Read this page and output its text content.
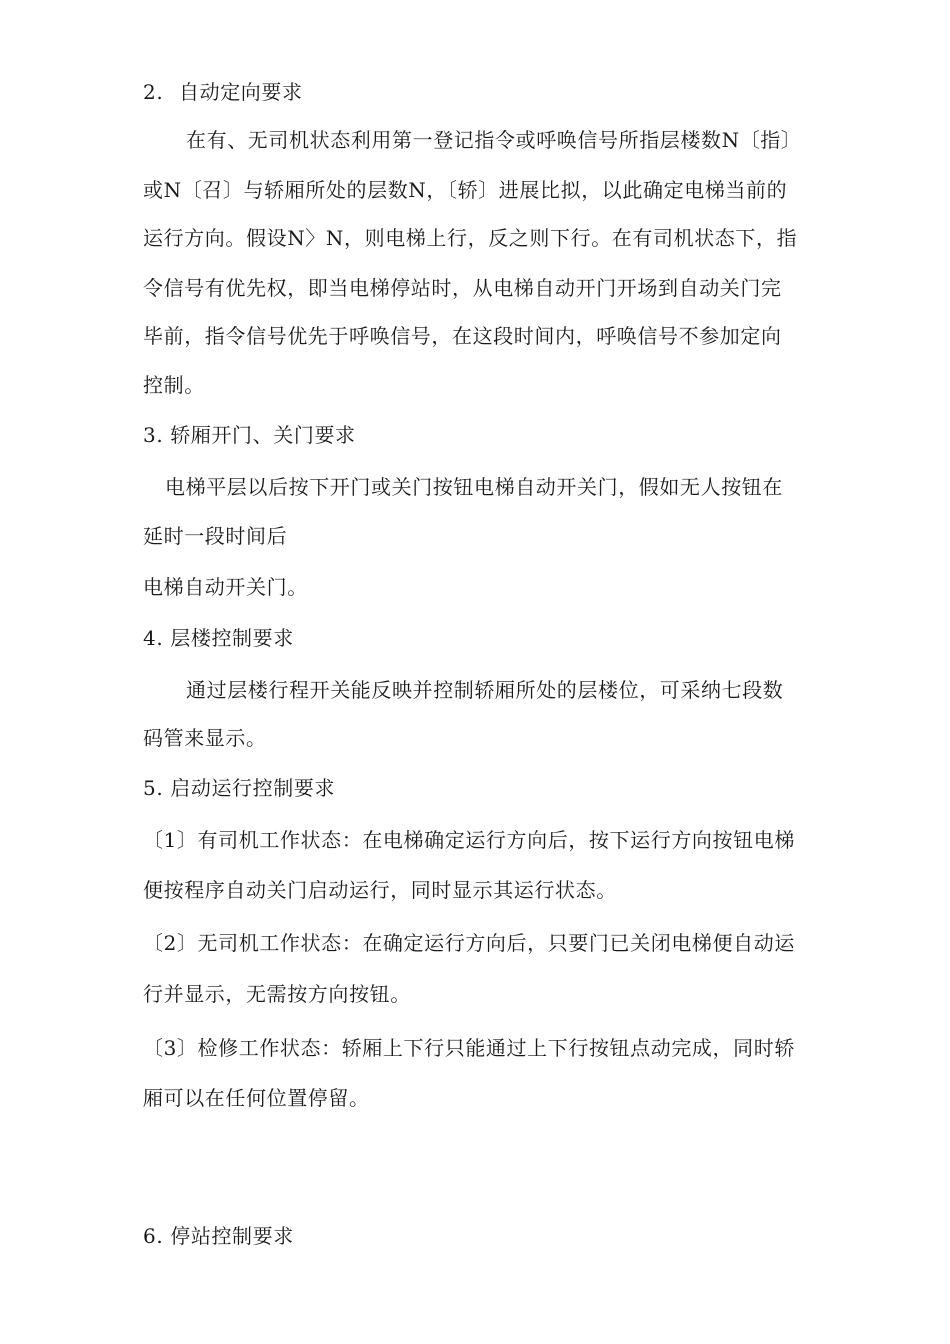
2. 自动定向要求
在有、无司机状态利用第一登记指令或呼唤信号所指层楼数N〔指〕
或N〔召〕与轿厢所处的层数N，〔轿〕进展比拟，以此确定电梯当前的
运行方向。假设N〉N，则电梯上行，反之则下行。在有司机状态下，指
令信号有优先权，即当电梯停站时，从电梯自动开门开场到自动关门完
毕前，指令信号优先于呼唤信号，在这段时间内，呼唤信号不参加定向
控制。
3. 轿厢开门、关门要求
电梯平层以后按下开门或关门按钮电梯自动开关门，假如无人按钮在
延时一段时间后
电梯自动开关门。
4. 层楼控制要求
通过层楼行程开关能反映并控制轿厢所处的层楼位，可采纳七段数
码管来显示。
5. 启动运行控制要求
〔1〕有司机工作状态：在电梯确定运行方向后，按下运行方向按钮电梯
便按程序自动关门启动运行，同时显示其运行状态。
〔2〕无司机工作状态：在确定运行方向后，只要门已关闭电梯便自动运
行并显示，无需按方向按钮。
〔3〕检修工作状态：轿厢上下行只能通过上下行按钮点动完成，同时轿
厢可以在任何位置停留。
6. 停站控制要求
